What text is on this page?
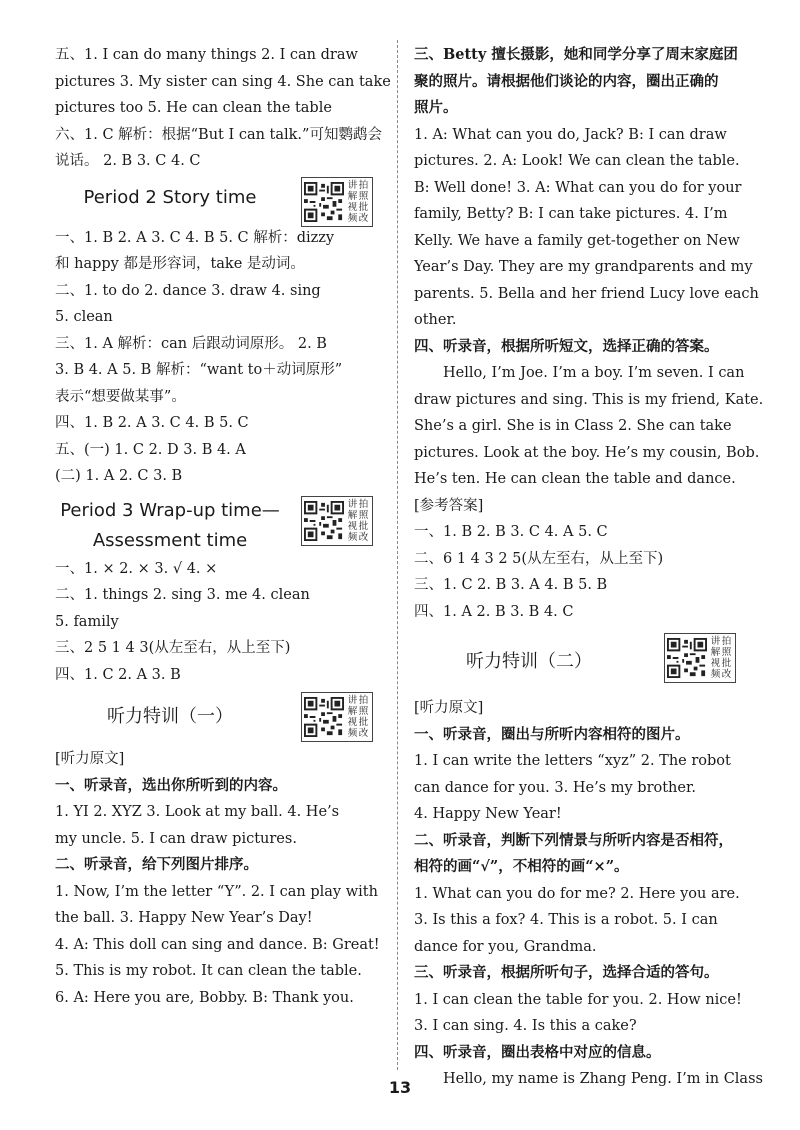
五、1. I can do many things 2. I can draw
pictures 3. My sister can sing 4. She can take
pictures too 5. He can clean the table
六、1. C 解析：根据“But I can talk.”可知鹦鹉会
说话。 2. B 3. C 4. C
Period 2 Story time
讲 拍
解 照
视 批
频 改
一、1. B 2. A 3. C 4. B 5. C 解析：dizzy
和 happy 都是形容词，take 是动词。
二、1. to do 2. dance 3. draw 4. sing
5. clean
三、1. A 解析：can 后跟动词原形。 2. B
3. B 4. A 5. B 解析：“want to＋动词原形”
表示“想要做某事”。
四、1. B 2. A 3. C 4. B 5. C
五、(一) 1. C 2. D 3. B 4. A
(二) 1. A 2. C 3. B
Period 3 Wrap-up time—
Assessment time
讲 拍
解 照
视 批
频 改
一、1. × 2. × 3. √ 4. ×
二、1. things 2. sing 3. me 4. clean
5. family
三、2 5 1 4 3(从左至右，从上至下)
四、1. C 2. A 3. B
听力特训（一）
讲 拍
解 照
视 批
频 改
[听力原文]
一、听录音，选出你所听到的内容。
1. YI 2. XYZ 3. Look at my ball. 4. He’s
my uncle. 5. I can draw pictures.
二、听录音，给下列图片排序。
1. Now, I’m the letter “Y”. 2. I can play with
the ball. 3. Happy New Year’s Day!
4. A: This doll can sing and dance. B: Great!
5. This is my robot. It can clean the table.
6. A: Here you are, Bobby. B: Thank you.
三、Betty 擅长摄影，她和同学分享了周末家庭团
聚的照片。请根据他们谈论的内容，圈出正确的
照片。
1. A: What can you do, Jack? B: I can draw
pictures. 2. A: Look! We can clean the table.
B: Well done! 3. A: What can you do for your
family, Betty? B: I can take pictures. 4. I’m
Kelly. We have a family get-together on New
Year’s Day. They are my grandparents and my
parents. 5. Bella and her friend Lucy love each
other.
四、听录音，根据所听短文，选择正确的答案。
Hello, I’m Joe. I’m a boy. I’m seven. I can
draw pictures and sing. This is my friend, Kate.
She’s a girl. She is in Class 2. She can take
pictures. Look at the boy. He’s my cousin, Bob.
He’s ten. He can clean the table and dance.
[参考答案]
一、1. B 2. B 3. C 4. A 5. C
二、6 1 4 3 2 5(从左至右，从上至下)
三、1. C 2. B 3. A 4. B 5. B
四、1. A 2. B 3. B 4. C
听力特训（二）
讲 拍
解 照
视 批
频 改
[听力原文]
一、听录音，圈出与所听内容相符的图片。
1. I can write the letters “xyz” 2. The robot
can dance for you. 3. He’s my brother.
4. Happy New Year!
二、听录音，判断下列情景与所听内容是否相符，
相符的画“√”，不相符的画“×”。
1. What can you do for me? 2. Here you are.
3. Is this a fox? 4. This is a robot. 5. I can
dance for you, Grandma.
三、听录音，根据所听句子，选择合适的答句。
1. I can clean the table for you. 2. How nice!
3. I can sing. 4. Is this a cake?
四、听录音，圈出表格中对应的信息。
Hello, my name is Zhang Peng. I’m in Class
13
